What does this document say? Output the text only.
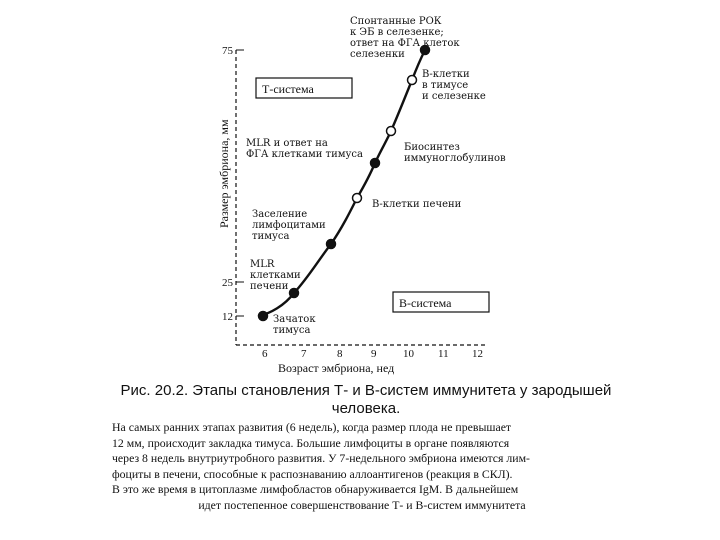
75
25
12
6	7	8	9 10 11 12
Возраст эмбриона, нед
Размер эмбриона, мм
Т-система
В-система
Спонтанные РОК к ЭБ в селезенке; ответ на ФГА клеток селезенки
В-клетки в тимусе и селезенке
MLR и ответ на ФГА клетками тимуса
Биосинтез иммуноглобулинов
В-клетки печени
Заселение лимфоцитами тимуса
MLR клетками печени
Зачаток тимуса
Рис. 20.2. Этапы становления Т- и В-систем иммунитета у зародышей
человека.
На самых ранних этапах развития (6 недель), когда размер плода не превышает
12 мм, происходит закладка тимуса. Большие лимфоциты в органе появляются
через 8 недель внутриутробного развития. У 7-недельного эмбриона имеются лим-
фоциты в печени, способные к распознаванию аллоантигенов (реакция в СКЛ).
В это же время в цитоплазме лимфобластов обнаруживается IgM. В дальнейшем
идет постепенное совершенствование Т- и В-систем иммунитета
